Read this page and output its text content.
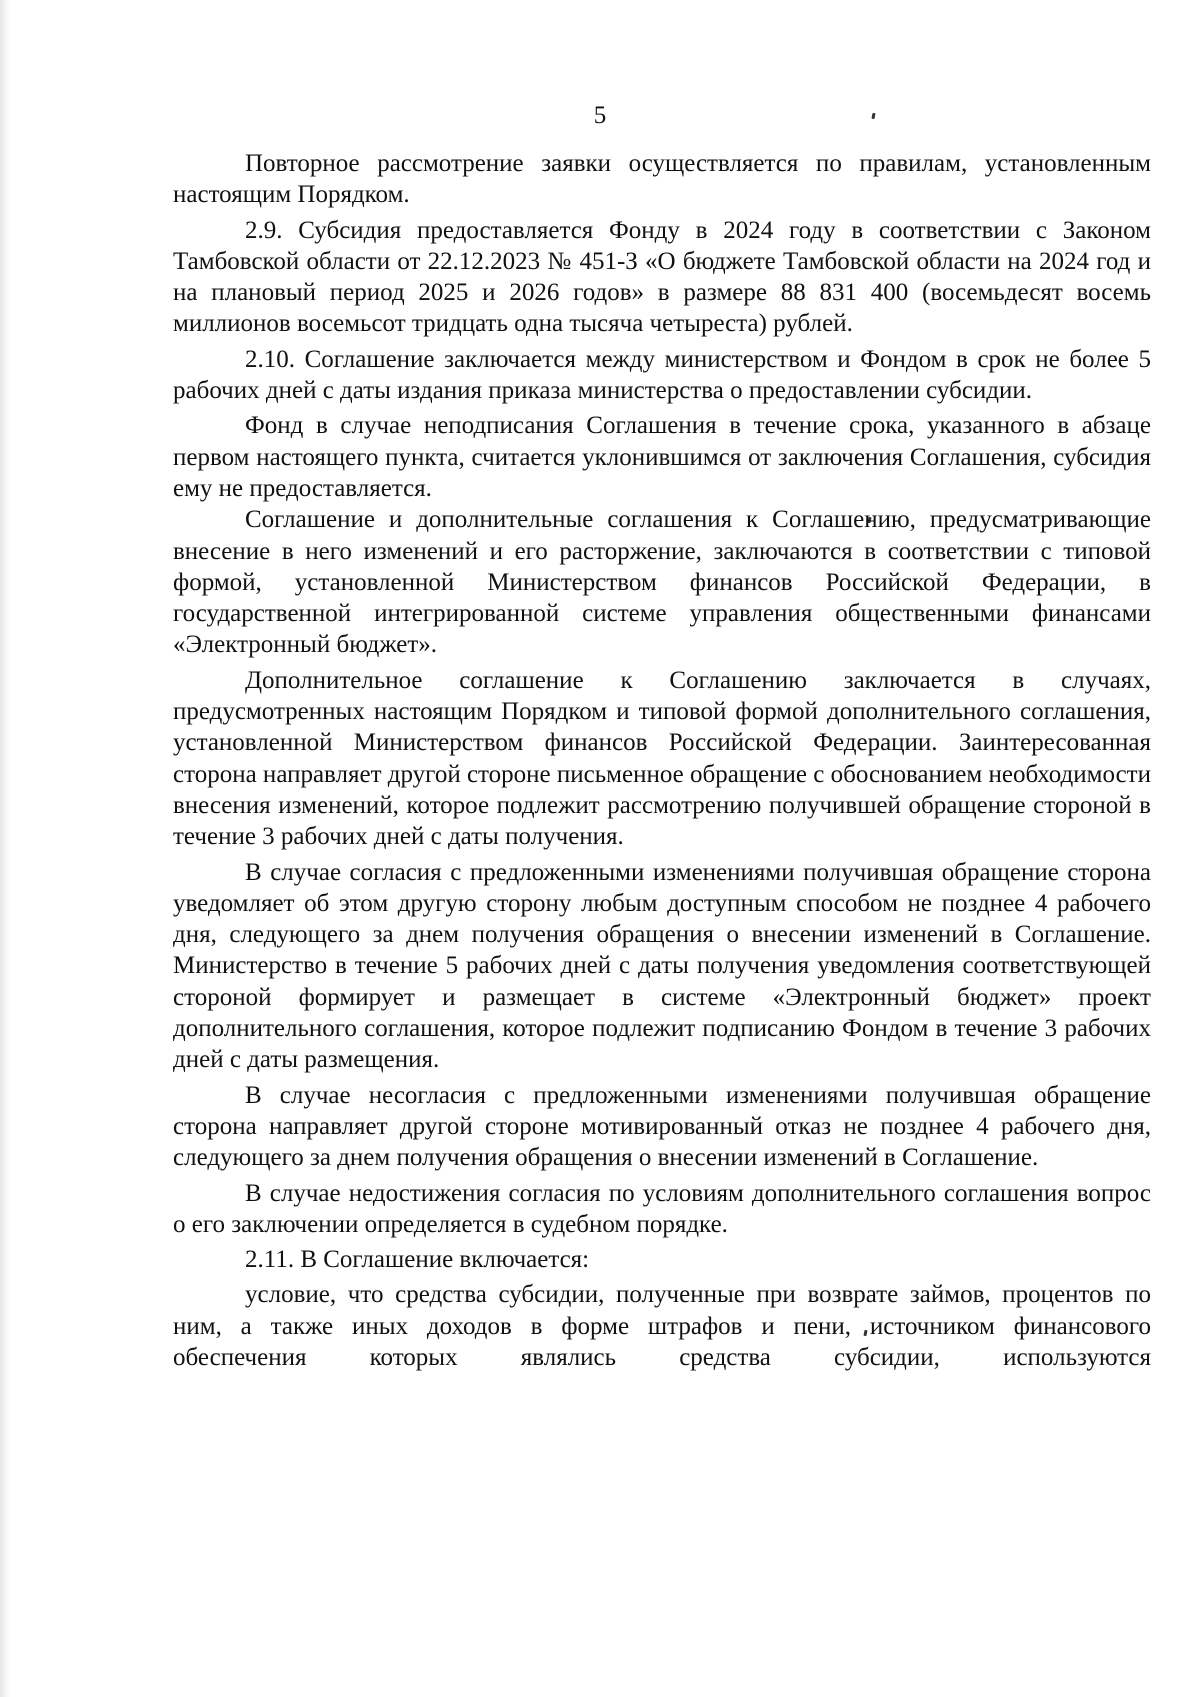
5

Повторное рассмотрение заявки осуществляется по правилам, установленным настоящим Порядком.

2.9. Субсидия предоставляется Фонду в 2024 году в соответствии с Законом Тамбовской области от 22.12.2023 № 451-З «О бюджете Тамбовской области на 2024 год и на плановый период 2025 и 2026 годов» в размере 88 831 400 (восемьдесят восемь миллионов восемьсот тридцать одна тысяча четыреста) рублей.

2.10. Соглашение заключается между министерством и Фондом в срок не более 5 рабочих дней с даты издания приказа министерства о предоставлении субсидии.

Фонд в случае неподписания Соглашения в течение срока, указанного в абзаце первом настоящего пункта, считается уклонившимся от заключения Соглашения, субсидия ему не предоставляется.

Соглашение и дополнительные соглашения к Соглашению, предусматривающие внесение в него изменений и его расторжение, заключаются в соответствии с типовой формой, установленной Министерством финансов Российской Федерации, в государственной интегрированной системе управления общественными финансами «Электронный бюджет».

Дополнительное соглашение к Соглашению заключается в случаях, предусмотренных настоящим Порядком и типовой формой дополнительного соглашения, установленной Министерством финансов Российской Федерации. Заинтересованная сторона направляет другой стороне письменное обращение с обоснованием необходимости внесения изменений, которое подлежит рассмотрению получившей обращение стороной в течение 3 рабочих дней с даты получения.

В случае согласия с предложенными изменениями получившая обращение сторона уведомляет об этом другую сторону любым доступным способом не позднее 4 рабочего дня, следующего за днем получения обращения о внесении изменений в Соглашение. Министерство в течение 5 рабочих дней с даты получения уведомления соответствующей стороной формирует и размещает в системе «Электронный бюджет» проект дополнительного соглашения, которое подлежит подписанию Фондом в течение 3 рабочих дней с даты размещения.

В случае несогласия с предложенными изменениями получившая обращение сторона направляет другой стороне мотивированный отказ не позднее 4 рабочего дня, следующего за днем получения обращения о внесении изменений в Соглашение.

В случае недостижения согласия по условиям дополнительного соглашения вопрос о его заключении определяется в судебном порядке.

2.11. В Соглашение включается:

условие, что средства субсидии, полученные при возврате займов, процентов по ним, а также иных доходов в форме штрафов и пени, источником финансового обеспечения которых являлись средства субсидии, используются
